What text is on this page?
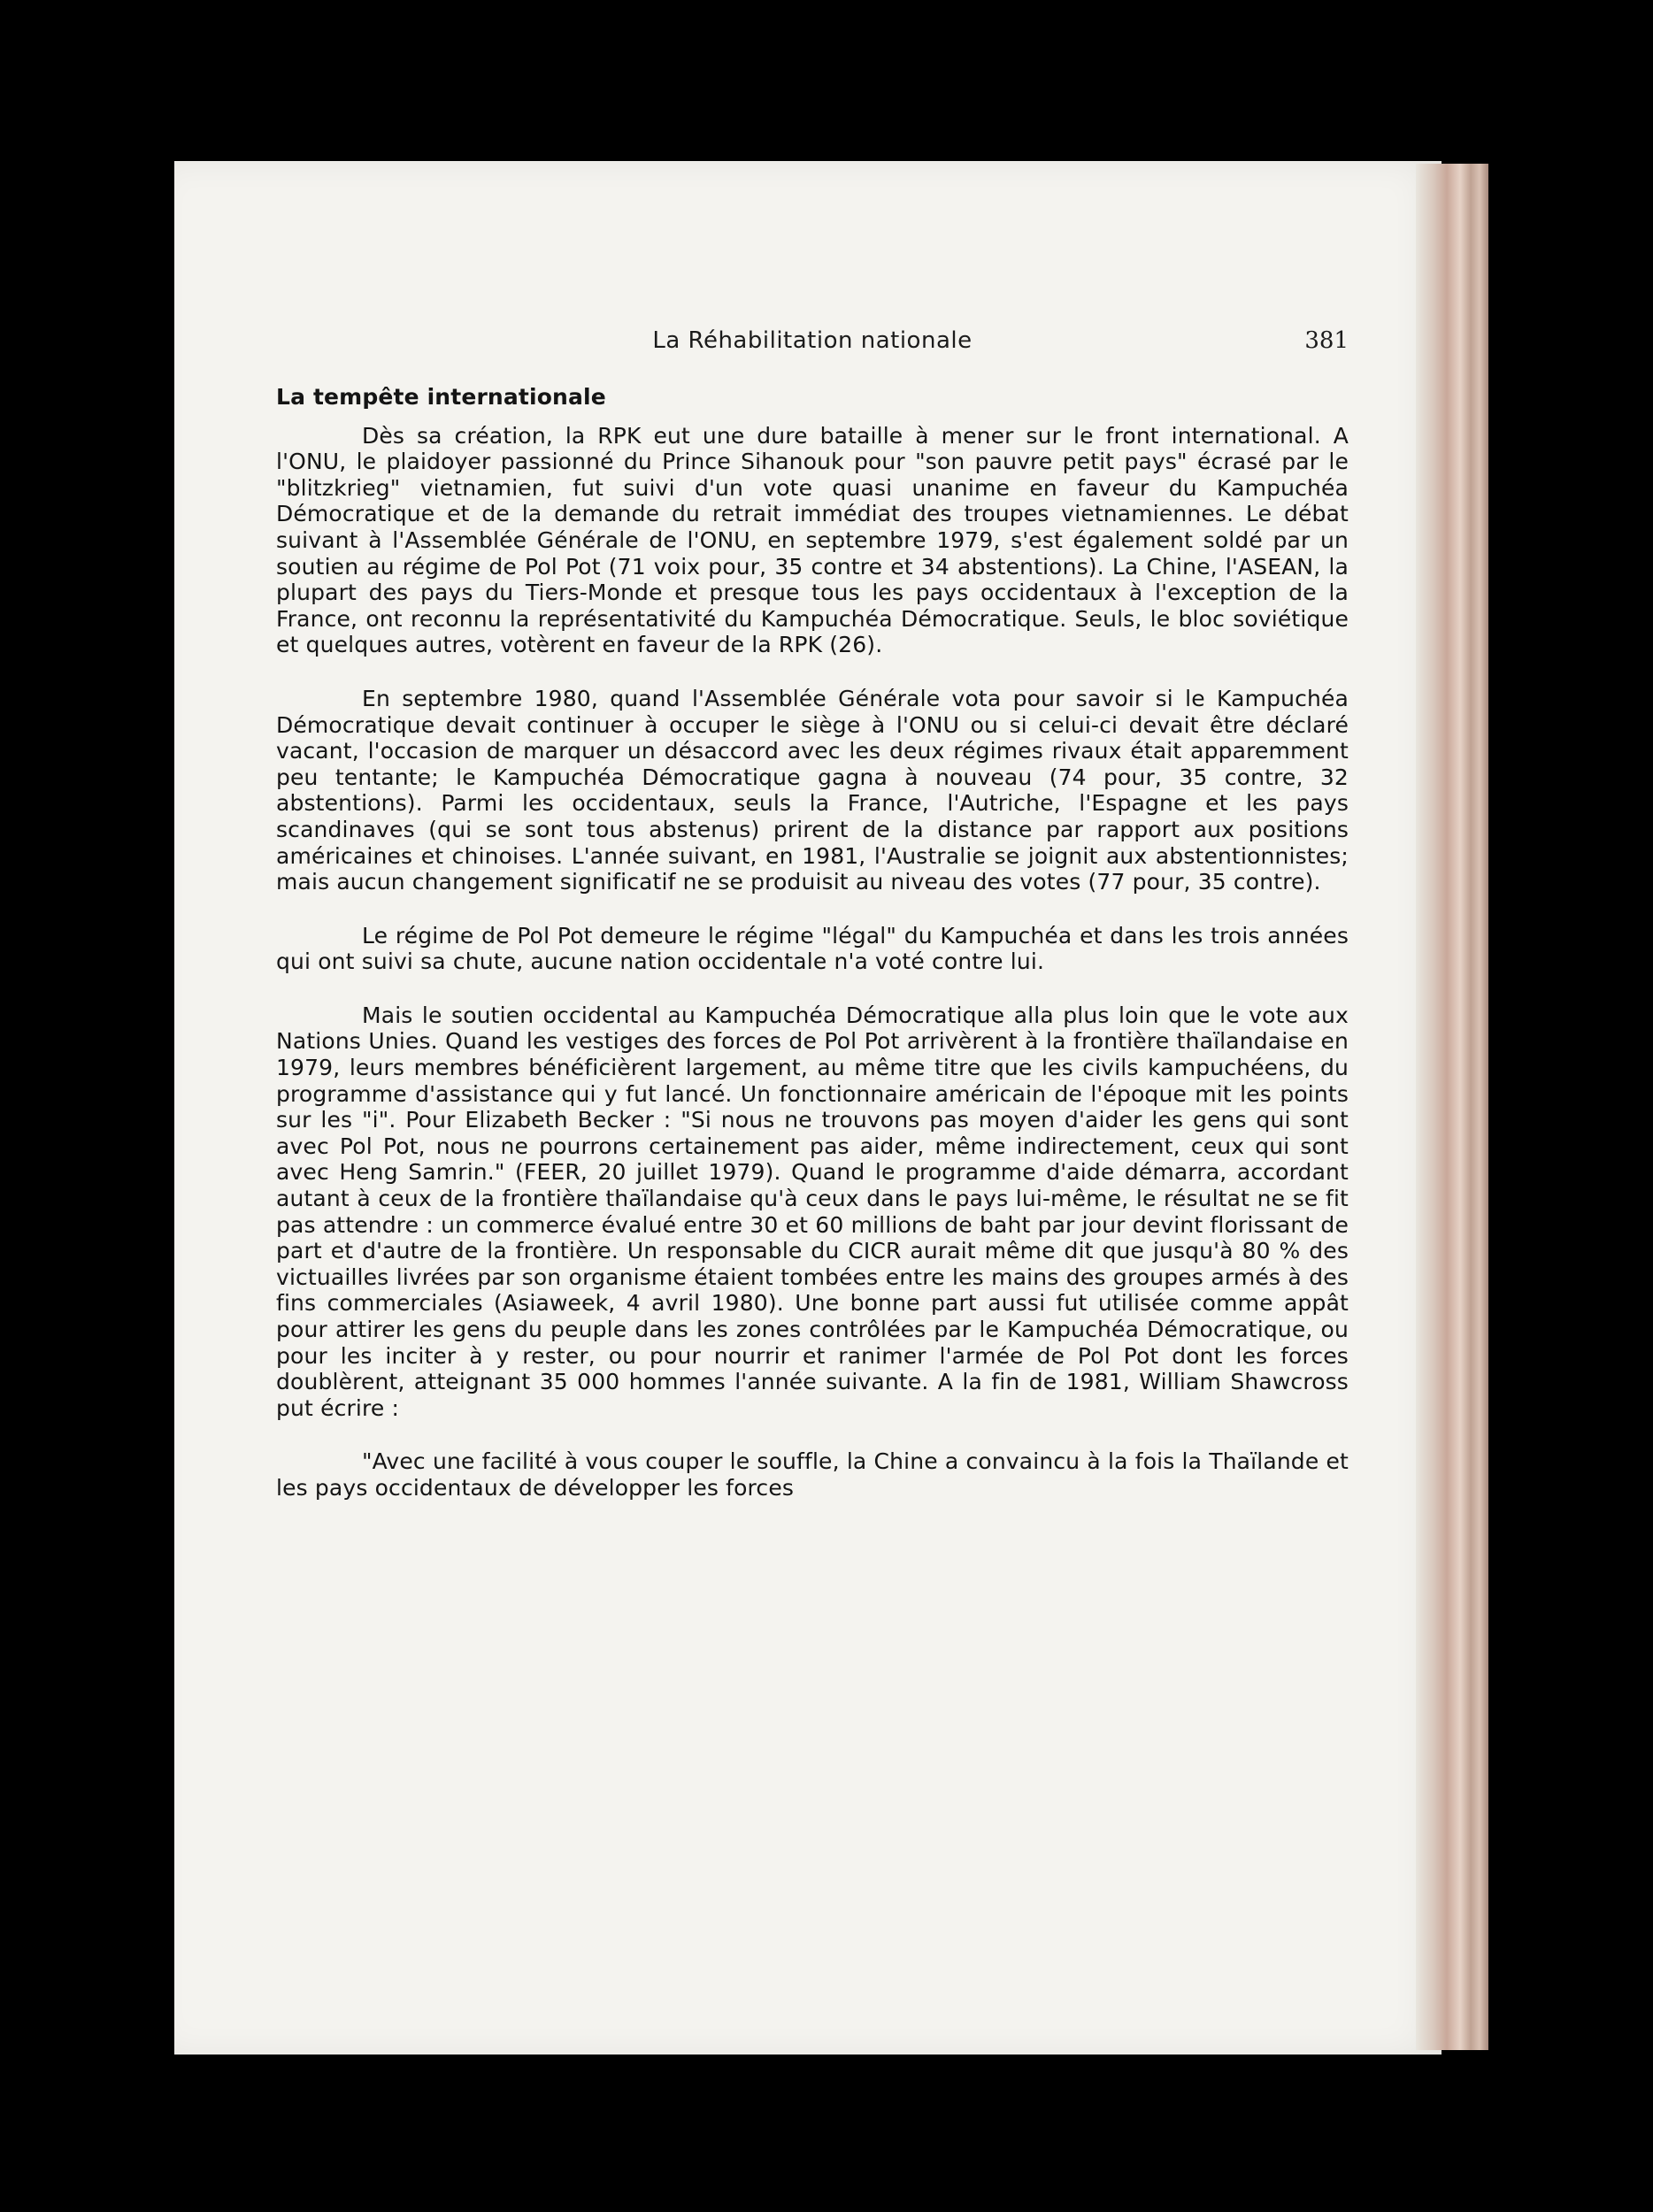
La Réhabilitation nationale	381
La tempête internationale

Dès sa création, la RPK eut une dure bataille à mener sur le front international. A l'ONU, le plaidoyer passionné du Prince Sihanouk pour "son pauvre petit pays" écrasé par le "blitzkrieg" vietnamien, fut suivi d'un vote quasi unanime en faveur du Kampuchéa Démocratique et de la demande du retrait immédiat des troupes vietnamiennes. Le débat suivant à l'Assemblée Générale de l'ONU, en septembre 1979, s'est également soldé par un soutien au régime de Pol Pot (71 voix pour, 35 contre et 34 abstentions). La Chine, l'ASEAN, la plupart des pays du Tiers-Monde et presque tous les pays occidentaux à l'exception de la France, ont reconnu la représentativité du Kampuchéa Démocratique. Seuls, le bloc soviétique et quelques autres, votèrent en faveur de la RPK (26).

En septembre 1980, quand l'Assemblée Générale vota pour savoir si le Kampuchéa Démocratique devait continuer à occuper le siège à l'ONU ou si celui-ci devait être déclaré vacant, l'occasion de marquer un désaccord avec les deux régimes rivaux était apparemment peu tentante; le Kampuchéa Démocratique gagna à nouveau (74 pour, 35 contre, 32 abstentions). Parmi les occidentaux, seuls la France, l'Autriche, l'Espagne et les pays scandinaves (qui se sont tous abstenus) prirent de la distance par rapport aux positions américaines et chinoises. L'année suivant, en 1981, l'Australie se joignit aux abstentionnistes; mais aucun changement significatif ne se produisit au niveau des votes (77 pour, 35 contre).

Le régime de Pol Pot demeure le régime "légal" du Kampuchéa et dans les trois années qui ont suivi sa chute, aucune nation occidentale n'a voté contre lui.

Mais le soutien occidental au Kampuchéa Démocratique alla plus loin que le vote aux Nations Unies. Quand les vestiges des forces de Pol Pot arrivèrent à la frontière thaïlandaise en 1979, leurs membres bénéficièrent largement, au même titre que les civils kampuchéens, du programme d'assistance qui y fut lancé. Un fonctionnaire américain de l'époque mit les points sur les "i". Pour Elizabeth Becker : "Si nous ne trouvons pas moyen d'aider les gens qui sont avec Pol Pot, nous ne pourrons certainement pas aider, même indirectement, ceux qui sont avec Heng Samrin." (FEER, 20 juillet 1979). Quand le programme d'aide démarra, accordant autant à ceux de la frontière thaïlandaise qu'à ceux dans le pays lui-même, le résultat ne se fit pas attendre : un commerce évalué entre 30 et 60 millions de baht par jour devint florissant de part et d'autre de la frontière. Un responsable du CICR aurait même dit que jusqu'à 80 % des victuailles livrées par son organisme étaient tombées entre les mains des groupes armés à des fins commerciales (Asiaweek, 4 avril 1980). Une bonne part aussi fut utilisée comme appât pour attirer les gens du peuple dans les zones contrôlées par le Kampuchéa Démocratique, ou pour les inciter à y rester, ou pour nourrir et ranimer l'armée de Pol Pot dont les forces doublèrent, atteignant 35 000 hommes l'année suivante. A la fin de 1981, William Shawcross put écrire :

"Avec une facilité à vous couper le souffle, la Chine a convaincu à la fois la Thaïlande et les pays occidentaux de développer les forces
